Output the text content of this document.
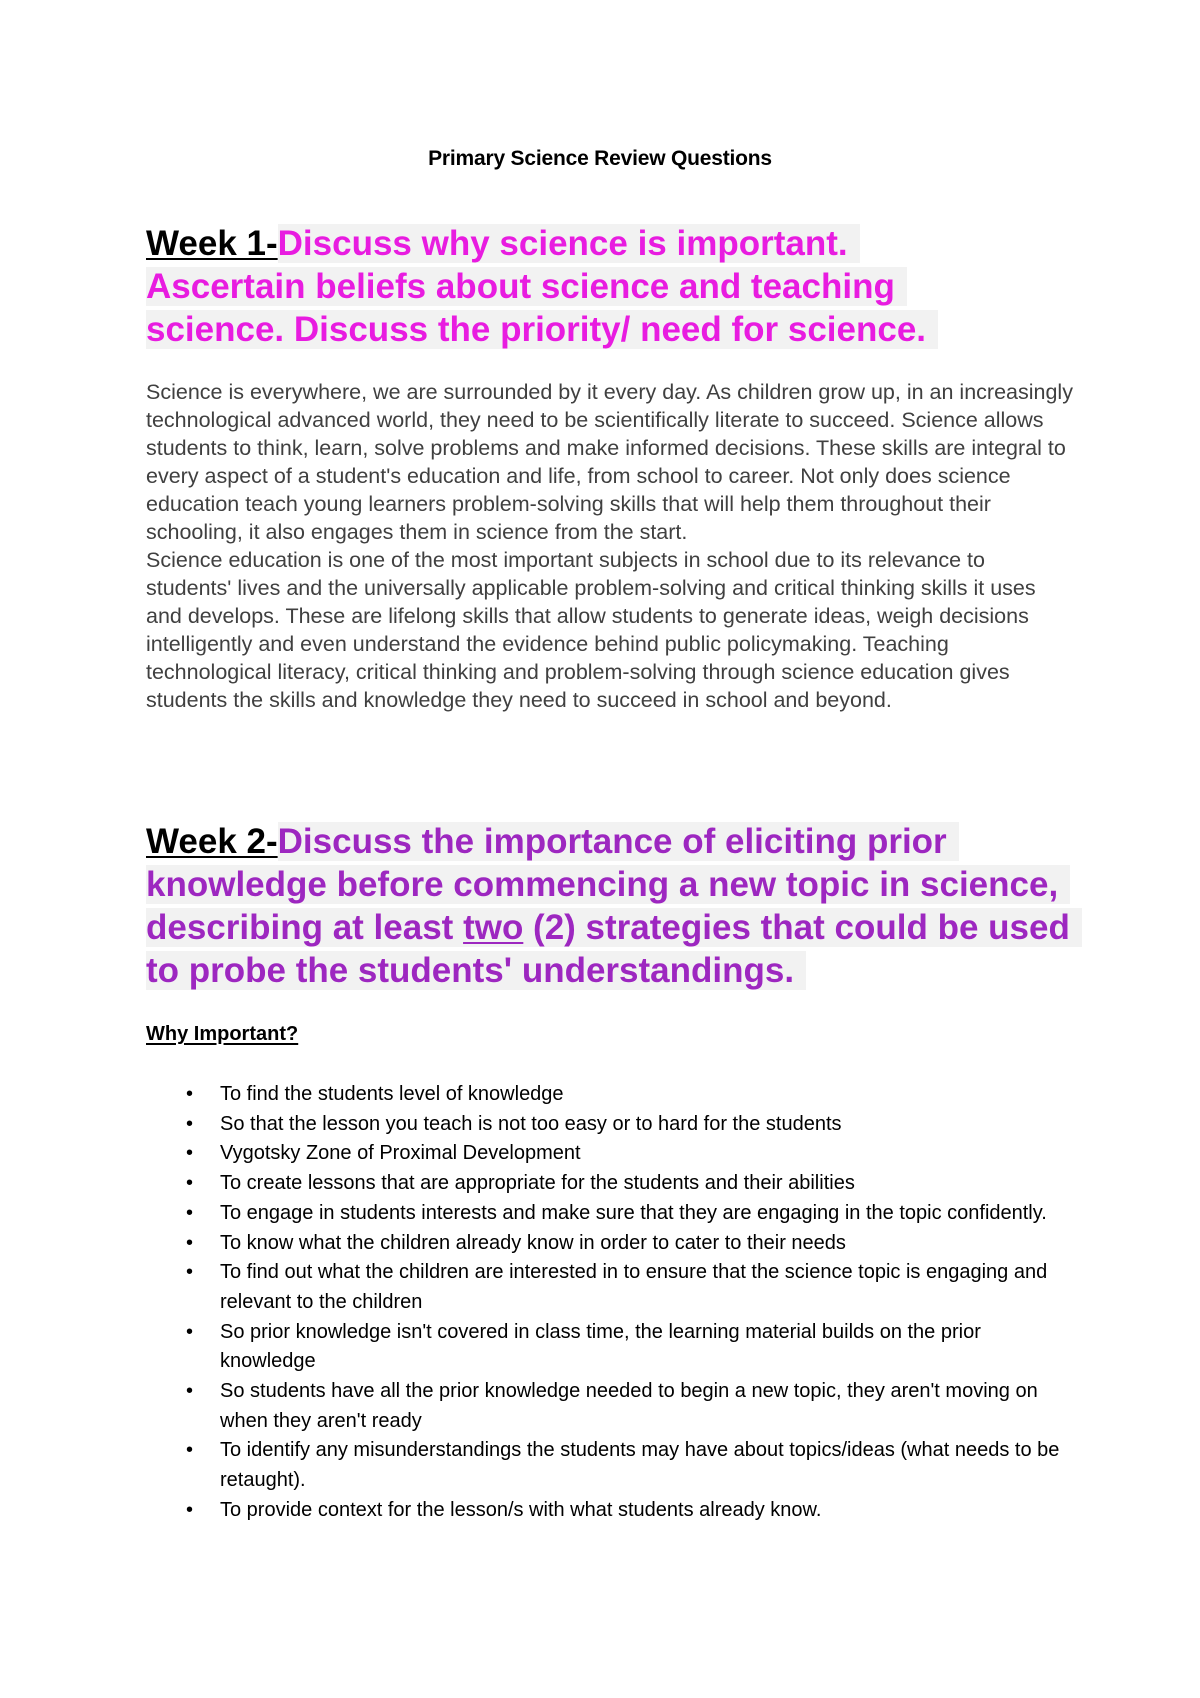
Primary Science Review Questions
Week 1-Discuss why science is important.
Ascertain beliefs about science and teaching
science. Discuss the priority/ need for science.

Science is everywhere, we are surrounded by it every day. As children grow up, in an increasingly technological advanced world, they need to be scientifically literate to succeed. Science allows students to think, learn, solve problems and make informed decisions. These skills are integral to every aspect of a student's education and life, from school to career. Not only does science education teach young learners problem-solving skills that will help them throughout their schooling, it also engages them in science from the start.

Science education is one of the most important subjects in school due to its relevance to students' lives and the universally applicable problem-solving and critical thinking skills it uses and develops. These are lifelong skills that allow students to generate ideas, weigh decisions intelligently and even understand the evidence behind public policymaking. Teaching technological literacy, critical thinking and problem-solving through science education gives students the skills and knowledge they need to succeed in school and beyond.

Week 2-Discuss the importance of eliciting prior
knowledge before commencing a new topic in science,
describing at least two (2) strategies that could be used
to probe the students' understandings.
Why Important?
•	To find the students level of knowledge
•	So that the lesson you teach is not too easy or to hard for the students
•	Vygotsky Zone of Proximal Development
•	To create lessons that are appropriate for the students and their abilities
•	To engage in students interests and make sure that they are engaging in the topic confidently.
•	To know what the children already know in order to cater to their needs
•	To find out what the children are interested in to ensure that the science topic is engaging and relevant to the children
•	So prior knowledge isn't covered in class time, the learning material builds on the prior knowledge
•	So students have all the prior knowledge needed to begin a new topic, they aren't moving on when they aren't ready
•	To identify any misunderstandings the students may have about topics/ideas (what needs to be retaught).
•	To provide context for the lesson/s with what students already know.
